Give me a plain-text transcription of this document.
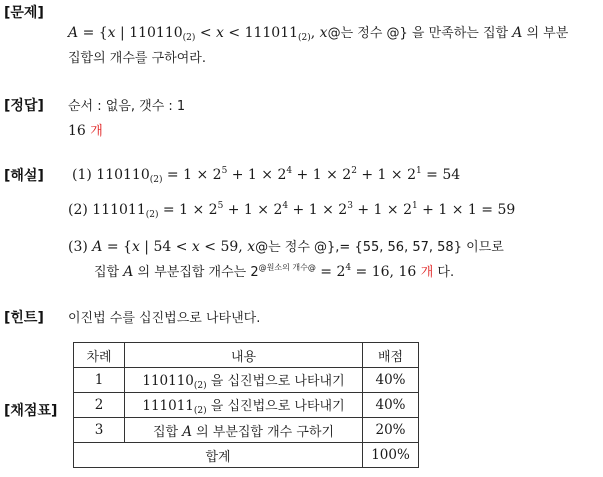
[문제]
A = {x | $110110_{(2)} < x < 111011_{(2)}$, x@는 정수 @} 을 만족하는 집합 A 의 부분
집합의 개수를 구하여라.
[정답] 순서 : 없음, 갯수 : 1
16 개
[해설] (1) $110110_{(2)} = 1 \times 2^5 + 1 \times 2^4 + 1 \times 2^2 + 1 \times 2^1 = 54$
(2) $111011_{(2)} = 1 \times 2^5 + 1 \times 2^4 + 1 \times 2^3 + 1 \times 2^1 + 1 \times 1 = 59$
(3) A = {x | 54 < x < 59, x@는 정수 @},= {55, 56, 57, 58} 이므로
집합 A 의 부분집합 개수는 $2^{@원소의 개수@} = 2^4 = 16$, 16 개 다.
[힌트] 이진법 수를 십진법으로 나타낸다.
[채점표]
차례	내용	배점
1	$110110_{(2)}$ 을 십진법으로 나타내기	40%
2	$111011_{(2)}$ 을 십진법으로 나타내기	40%
3	집합 A 의 부분집합 개수 구하기	20%
합계		100%
